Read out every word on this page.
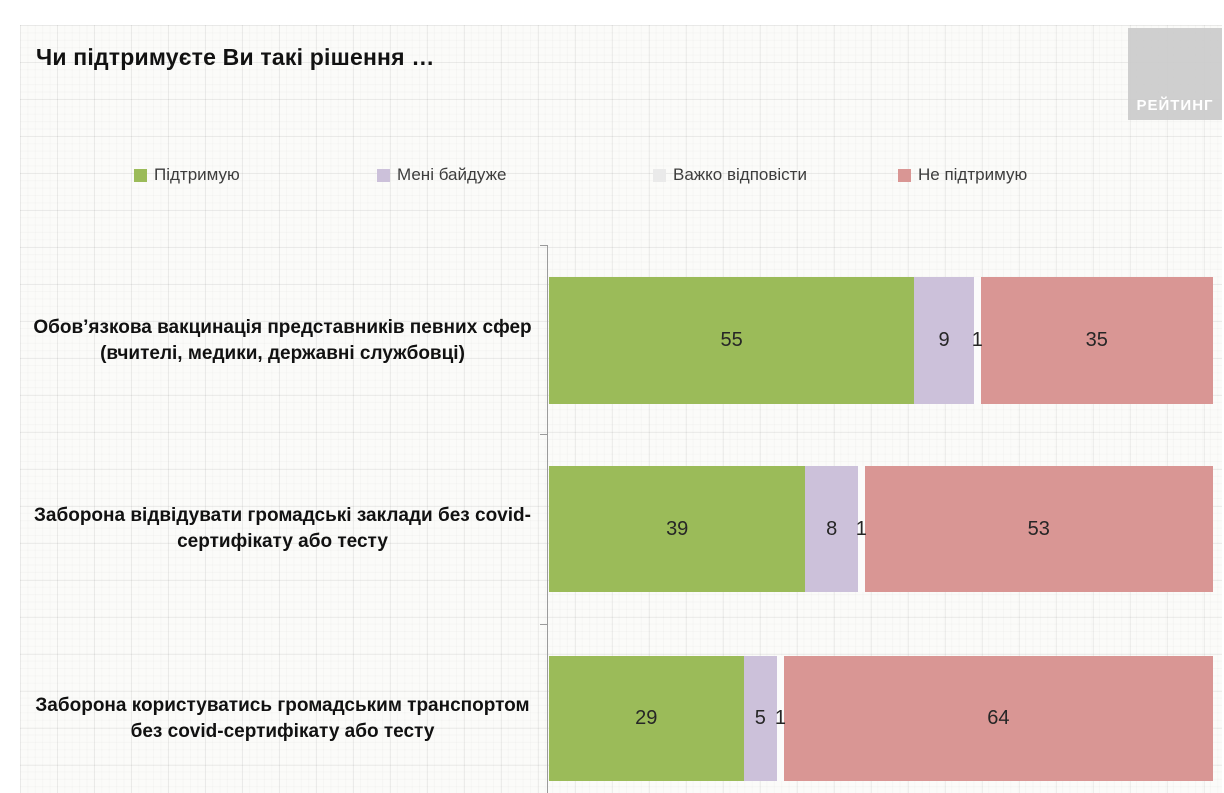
Чи підтримуєте Ви такі рішення …
РЕЙТИНГ
Підтримую	Мені байдуже	Важко відповісти	Не підтримую
Обов’язкова вакцинація представників певних сфер (вчителі, медики, державні службовці)
55	9 1	35
Заборона відвідувати громадські заклади без covid-сертифікату або тесту
39	8 1	53
Заборона користуватись громадським транспортом без covid-сертифікату або тесту
29	5 1	64
